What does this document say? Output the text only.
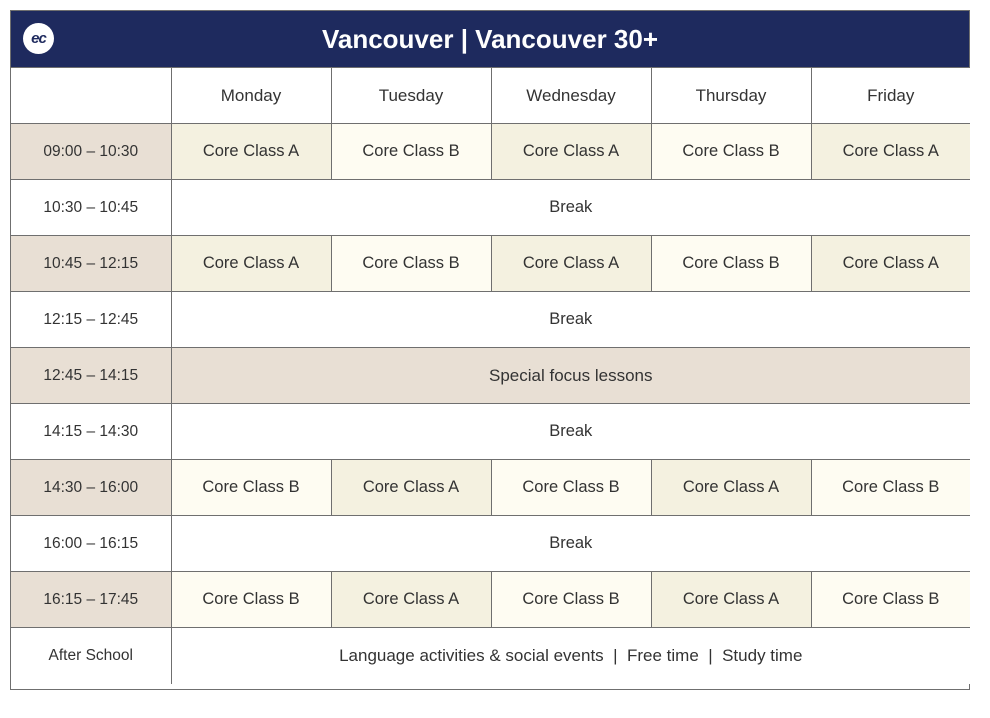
ec	Vancouver | Vancouver 30+
	Monday	Tuesday	Wednesday	Thursday	Friday
09:00 – 10:30	Core Class A	Core Class B	Core Class A	Core Class B	Core Class A
10:30 – 10:45	Break				
10:45 – 12:15	Core Class A	Core Class B	Core Class A	Core Class B	Core Class A
12:15 – 12:45	Break				
12:45 – 14:15	Special focus lessons				
14:15 – 14:30	Break				
14:30 – 16:00	Core Class B	Core Class A	Core Class B	Core Class A	Core Class B
16:00 – 16:15	Break				
16:15 – 17:45	Core Class B	Core Class A	Core Class B	Core Class A	Core Class B
After School	Language activities & social events  |  Free time  |  Study time				
